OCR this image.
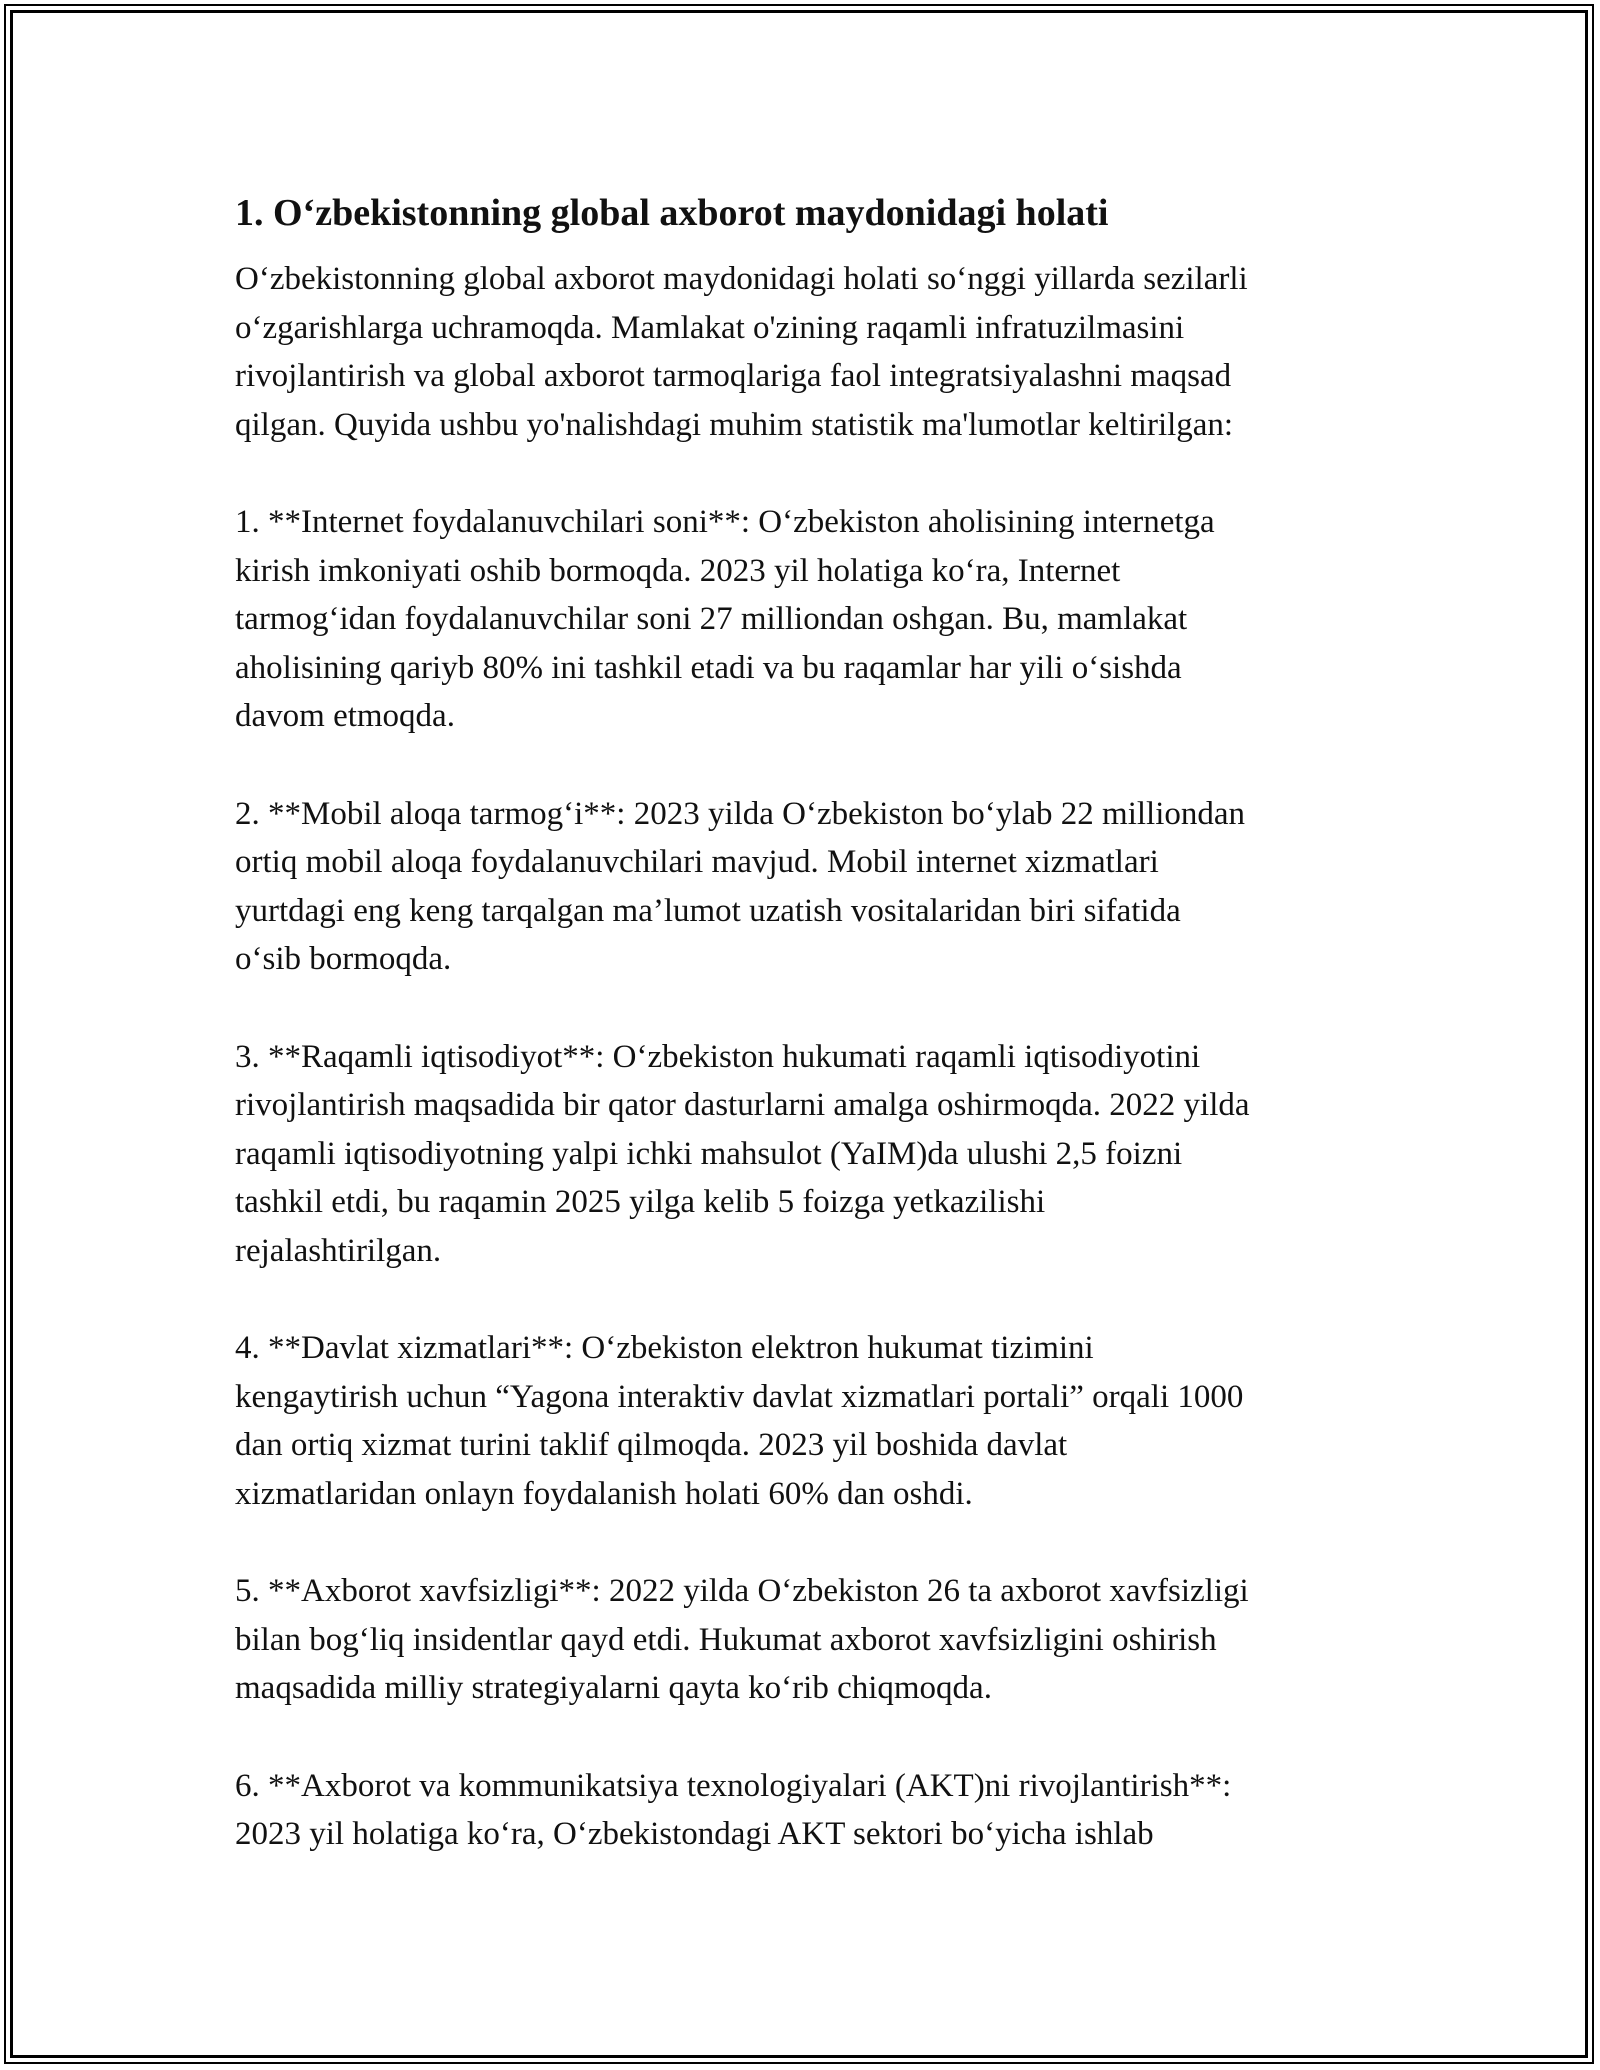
1. O‘zbekistonning global axborot maydonidagi holati
O‘zbekistonning global axborot maydonidagi holati so‘nggi yillarda sezilarli
o‘zgarishlarga uchramoqda. Mamlakat o'zining raqamli infratuzilmasini
rivojlantirish va global axborot tarmoqlariga faol integratsiyalashni maqsad
qilgan. Quyida ushbu yo'nalishdagi muhim statistik ma'lumotlar keltirilgan:
1. **Internet foydalanuvchilari soni**: O‘zbekiston aholisining internetga
kirish imkoniyati oshib bormoqda. 2023 yil holatiga ko‘ra, Internet
tarmog‘idan foydalanuvchilar soni 27 milliondan oshgan. Bu, mamlakat
aholisining qariyb 80% ini tashkil etadi va bu raqamlar har yili o‘sishda
davom etmoqda.
2. **Mobil aloqa tarmog‘i**: 2023 yilda O‘zbekiston bo‘ylab 22 milliondan
ortiq mobil aloqa foydalanuvchilari mavjud. Mobil internet xizmatlari
yurtdagi eng keng tarqalgan ma’lumot uzatish vositalaridan biri sifatida
o‘sib bormoqda.
3. **Raqamli iqtisodiyot**: O‘zbekiston hukumati raqamli iqtisodiyotini
rivojlantirish maqsadida bir qator dasturlarni amalga oshirmoqda. 2022 yilda
raqamli iqtisodiyotning yalpi ichki mahsulot (YaIM)da ulushi 2,5 foizni
tashkil etdi, bu raqamin 2025 yilga kelib 5 foizga yetkazilishi
rejalashtirilgan.
4. **Davlat xizmatlari**: O‘zbekiston elektron hukumat tizimini
kengaytirish uchun “Yagona interaktiv davlat xizmatlari portali” orqali 1000
dan ortiq xizmat turini taklif qilmoqda. 2023 yil boshida davlat
xizmatlaridan onlayn foydalanish holati 60% dan oshdi.
5. **Axborot xavfsizligi**: 2022 yilda O‘zbekiston 26 ta axborot xavfsizligi
bilan bog‘liq insidentlar qayd etdi. Hukumat axborot xavfsizligini oshirish
maqsadida milliy strategiyalarni qayta ko‘rib chiqmoqda.
6. **Axborot va kommunikatsiya texnologiyalari (AKT)ni rivojlantirish**:
2023 yil holatiga ko‘ra, O‘zbekistondagi AKT sektori bo‘yicha ishlab
